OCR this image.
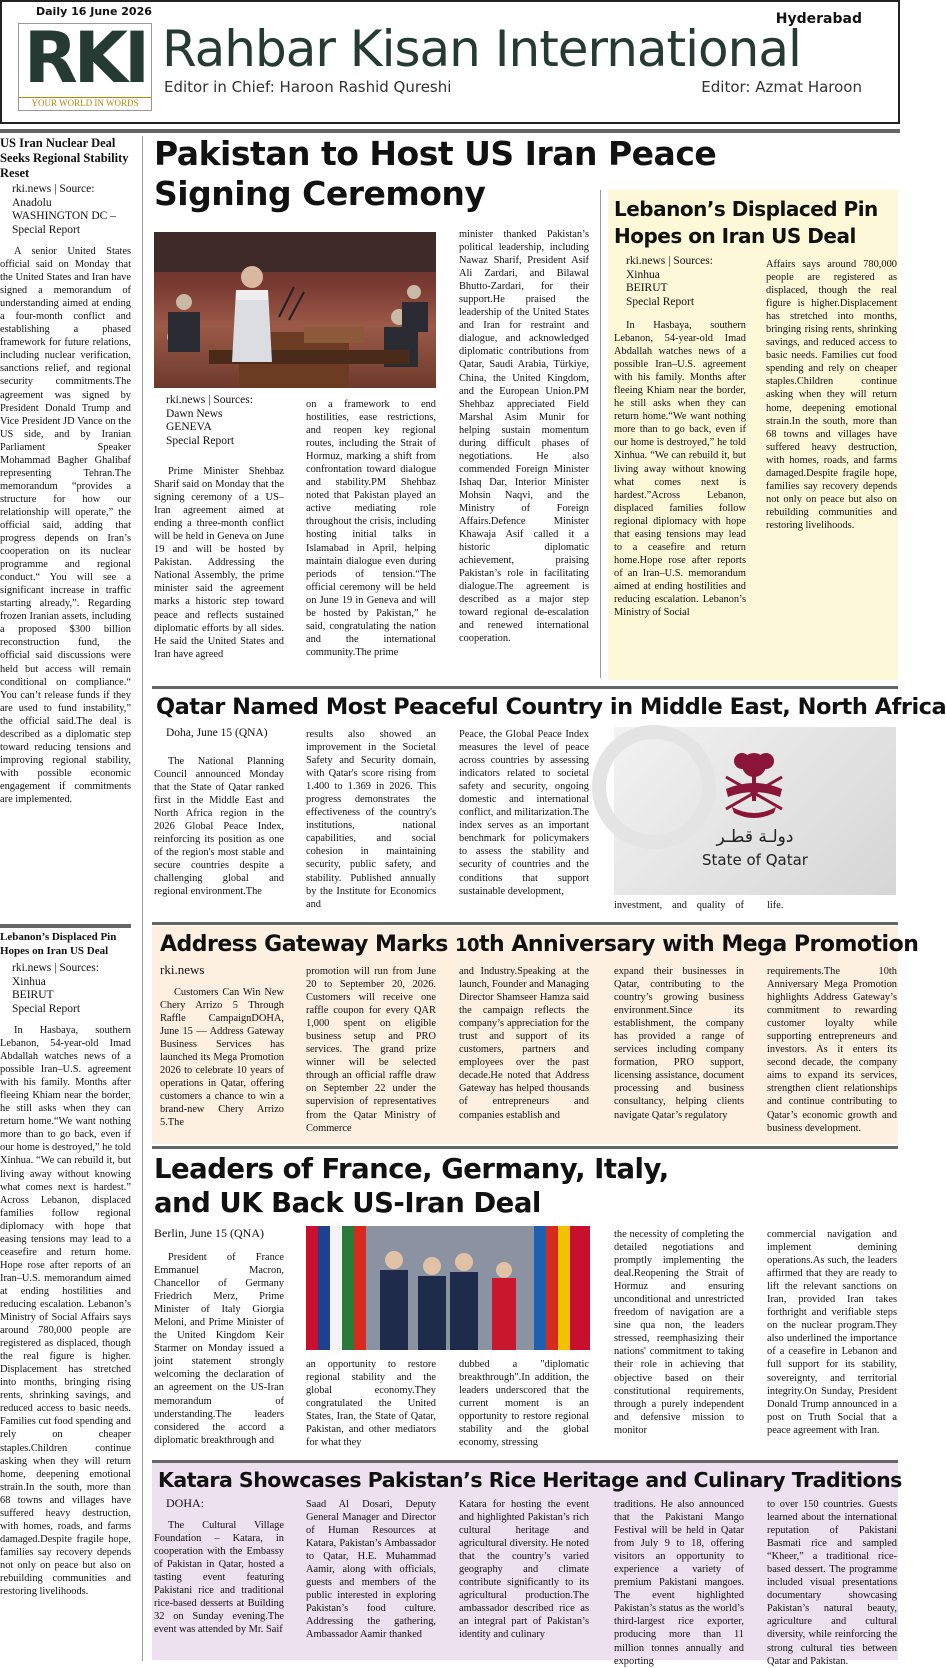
Daily 16 June 2026	Hyderabad
RKI
YOUR WORLD IN WORDS
Rahbar Kisan International
Editor in Chief: Haroon Rashid Qureshi	Editor: Azmat Haroon
US Iran Nuclear Deal Seeks Regional Stability Reset
rki.news | Source:
Anadolu
WASHINGTON DC –
Special Report

A senior United States official said on Monday that the United States and Iran have signed a memorandum of understanding aimed at ending a four-month conflict and establishing a phased framework for future relations, including nuclear verification, sanctions relief, and regional security commitments.The agreement was signed by President Donald Trump and Vice President JD Vance on the US side, and by Iranian Parliament Speaker Mohammad Bagher Ghalibaf representing Tehran.The memorandum “provides a structure for how our relationship will operate,” the official said, adding that progress depends on Iran’s cooperation on its nuclear programme and regional conduct.“ You will see a significant increase in traffic starting already,”. Regarding frozen Iranian assets, including a proposed $300 billion reconstruction fund, the official said discussions were held but access will remain conditional on compliance.“ You can’t release funds if they are used to fund instability,” the official said.The deal is described as a diplomatic step toward reducing tensions and improving regional stability, with possible economic engagement if commitments are implemented.

Lebanon’s Displaced Pin Hopes on Iran US Deal
rki.news | Sources:
Xinhua
BEIRUT
Special Report

In Hasbaya, southern Lebanon, 54-year-old Imad Abdallah watches news of a possible Iran–U.S. agreement with his family. Months after fleeing Khiam near the border, he still asks when they can return home.“We want nothing more than to go back, even if our home is destroyed,” he told Xinhua. “We can rebuild it, but living away without knowing what comes next is hardest.” Across Lebanon, displaced families follow regional diplomacy with hope that easing tensions may lead to a ceasefire and return home. Hope rose after reports of an Iran–U.S. memorandum aimed at ending hostilities and reducing escalation. Lebanon’s Ministry of Social Affairs says around 780,000 people are registered as displaced, though the real figure is higher. Displacement has stretched into months, bringing rising rents, shrinking savings, and reduced access to basic needs. Families cut food spending and rely on cheaper staples.Children continue asking when they will return home, deepening emotional strain.In the south, more than 68 towns and villages have suffered heavy destruction, with homes, roads, and farms damaged.Despite fragile hope, families say recovery depends not only on peace but also on rebuilding communities and restoring livelihoods.

Pakistan to Host US Iran Peace Signing Ceremony
rki.news | Sources:
Dawn News
GENEVA
Special Report

Prime Minister Shehbaz Sharif said on Monday that the signing ceremony of a US–Iran agreement aimed at ending a three-month conflict will be held in Geneva on June 19 and will be hosted by Pakistan. Addressing the National Assembly, the prime minister said the agreement marks a historic step toward peace and reflects sustained diplomatic efforts by all sides. He said the United States and Iran have agreed

on a framework to end hostilities, ease restrictions, and reopen key regional routes, including the Strait of Hormuz, marking a shift from confrontation toward dialogue and stability.PM Shehbaz noted that Pakistan played an active mediating role throughout the crisis, including hosting initial talks in Islamabad in April, helping maintain dialogue even during periods of tension.“The official ceremony will be held on June 19 in Geneva and will be hosted by Pakistan,” he said, congratulating the nation and the international community.The prime

minister thanked Pakistan’s political leadership, including Nawaz Sharif, President Asif Ali Zardari, and Bilawal Bhutto-Zardari, for their support.He praised the leadership of the United States and Iran for restraint and dialogue, and acknowledged diplomatic contributions from Qatar, Saudi Arabia, Türkiye, China, the United Kingdom, and the European Union.PM Shehbaz appreciated Field Marshal Asim Munir for helping sustain momentum during difficult phases of negotiations. He also commended Foreign Minister Ishaq Dar, Interior Minister Mohsin Naqvi, and the Ministry of Foreign Affairs.Defence Minister Khawaja Asif called it a historic diplomatic achievement, praising Pakistan’s role in facilitating dialogue.The agreement is described as a major step toward regional de-escalation and renewed international cooperation.

Lebanon’s Displaced Pin Hopes on Iran US Deal
rki.news | Sources:
Xinhua
BEIRUT
Special Report

In Hasbaya, southern Lebanon, 54-year-old Imad Abdallah watches news of a possible Iran–U.S. agreement with his family. Months after fleeing Khiam near the border, he still asks when they can return home.“We want nothing more than to go back, even if our home is destroyed,” he told Xinhua. “We can rebuild it, but living away without knowing what comes next is hardest.”Across Lebanon, displaced families follow regional diplomacy with hope that easing tensions may lead to a ceasefire and return home.Hope rose after reports of an Iran–U.S. memorandum aimed at ending hostilities and reducing escalation. Lebanon’s Ministry of Social

Affairs says around 780,000 people are registered as displaced, though the real figure is higher.Displacement has stretched into months, bringing rising rents, shrinking savings, and reduced access to basic needs. Families cut food spending and rely on cheaper staples.Children continue asking when they will return home, deepening emotional strain.In the south, more than 68 towns and villages have suffered heavy destruction, with homes, roads, and farms damaged.Despite fragile hope, families say recovery depends not only on peace but also on rebuilding communities and restoring livelihoods.

Qatar Named Most Peaceful Country in Middle East, North Africa
Doha, June 15 (QNA)

The National Planning Council announced Monday that the State of Qatar ranked first in the Middle East and North Africa region in the 2026 Global Peace Index, reinforcing its position as one of the region's most stable and secure countries despite a challenging global and regional environment.The

results also showed an improvement in the Societal Safety and Security domain, with Qatar's score rising from 1.400 to 1.369 in 2026. This progress demonstrates the effectiveness of the country's institutions, national capabilities, and social cohesion in maintaining security, public safety, and stability. Published annually by the Institute for Economics and

Peace, the Global Peace Index measures the level of peace across countries by assessing indicators related to societal safety and security, ongoing domestic and international conflict, and militarization.The index serves as an important benchmark for policymakers to assess the stability and security of countries and the conditions that support sustainable development,

دولـة قطـر
State of Qatar

investment, and quality of life.

Address Gateway Marks 10th Anniversary with Mega Promotion
rki.news

Customers Can Win New Chery Arrizo 5 Through Raffle CampaignDOHA, June 15 — Address Gateway Business Services has launched its Mega Promotion 2026 to celebrate 10 years of operations in Qatar, offering customers a chance to win a brand-new Chery Arrizo 5.The

promotion will run from June 20 to September 20, 2026. Customers will receive one raffle coupon for every QAR 1,000 spent on eligible business setup and PRO services. The grand prize winner will be selected through an official raffle draw on September 22 under the supervision of representatives from the Qatar Ministry of Commerce

and Industry.Speaking at the launch, Founder and Managing Director Shamseer Hamza said the campaign reflects the company’s appreciation for the trust and support of its customers, partners and employees over the past decade.He noted that Address Gateway has helped thousands of entrepreneurs and companies establish and

expand their businesses in Qatar, contributing to the country’s growing business environment.Since its establishment, the company has provided a range of services including company formation, PRO support, licensing assistance, document processing and business consultancy, helping clients navigate Qatar’s regulatory

requirements.The 10th Anniversary Mega Promotion highlights Address Gateway’s commitment to rewarding customer loyalty while supporting entrepreneurs and investors. As it enters its second decade, the company aims to expand its services, strengthen client relationships and continue contributing to Qatar’s economic growth and business development.

Leaders of France, Germany, Italy, and UK Back US-Iran Deal
Berlin, June 15 (QNA)

President of France Emmanuel Macron, Chancellor of Germany Friedrich Merz, Prime Minister of Italy Giorgia Meloni, and Prime Minister of the United Kingdom Keir Starmer on Monday issued a joint statement strongly welcoming the declaration of an agreement on the US-Iran memorandum of understanding.The leaders considered the accord a diplomatic breakthrough and

an opportunity to restore regional stability and the global economy.They congratulated the United States, Iran, the State of Qatar, Pakistan, and other mediators for what they

dubbed a "diplomatic breakthrough".In addition, the leaders underscored that the current moment is an opportunity to restore regional stability and the global economy, stressing

the necessity of completing the detailed negotiations and promptly implementing the deal.Reopening the Strait of Hormuz and ensuring unconditional and unrestricted freedom of navigation are a sine qua non, the leaders stressed, reemphasizing their nations' commitment to taking their role in achieving that objective based on their constitutional requirements, through a purely independent and defensive mission to monitor

commercial navigation and implement demining operations.As such, the leaders affirmed that they are ready to lift the relevant sanctions on Iran, provided Iran takes forthright and verifiable steps on the nuclear program.They also underlined the importance of a ceasefire in Lebanon and full support for its stability, sovereignty, and territorial integrity.On Sunday, President Donald Trump announced in a post on Truth Social that a peace agreement with Iran.

Katara Showcases Pakistan’s Rice Heritage and Culinary Traditions
DOHA:

The Cultural Village Foundation – Katara, in cooperation with the Embassy of Pakistan in Qatar, hosted a tasting event featuring Pakistani rice and traditional rice-based desserts at Building 32 on Sunday evening.The event was attended by Mr. Saif

Saad Al Dosari, Deputy General Manager and Director of Human Resources at Katara, Pakistan’s Ambassador to Qatar, H.E. Muhammad Aamir, along with officials, guests and members of the public interested in exploring Pakistan’s food culture. Addressing the gathering, Ambassador Aamir thanked

Katara for hosting the event and highlighted Pakistan’s rich cultural heritage and agricultural diversity. He noted that the country’s varied geography and climate contribute significantly to its agricultural production.The ambassador described rice as an integral part of Pakistan’s identity and culinary

traditions. He also announced that the Pakistani Mango Festival will be held in Qatar from July 9 to 18, offering visitors an opportunity to experience a variety of premium Pakistani mangoes. The event highlighted Pakistan’s status as the world’s third-largest rice exporter, producing more than 11 million tonnes annually and exporting

to over 150 countries. Guests learned about the international reputation of Pakistani Basmati rice and sampled “Kheer,” a traditional rice-based dessert. The programme included visual presentations documentary showcasing Pakistan’s natural beauty, agriculture and cultural diversity, while reinforcing the strong cultural ties between Qatar and Pakistan.
